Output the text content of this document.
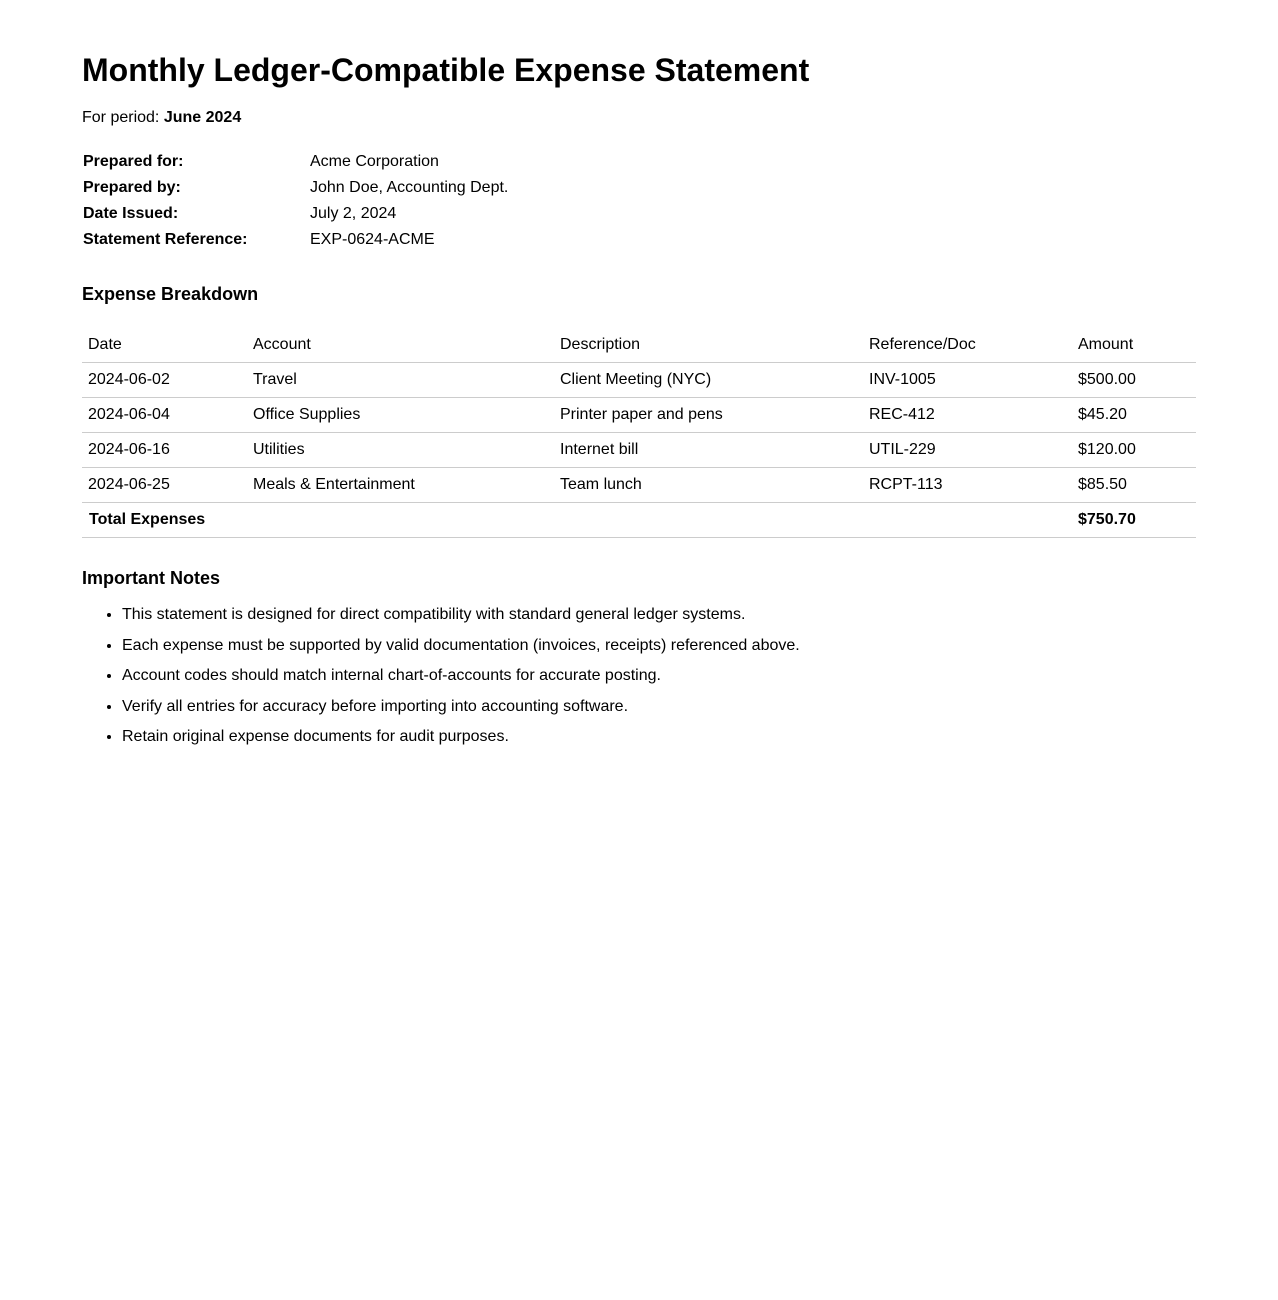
Monthly Ledger-Compatible Expense Statement
For period: June 2024
Prepared for:	Acme Corporation
Prepared by:	John Doe, Accounting Dept.
Date Issued:	July 2, 2024
Statement Reference:	EXP-0624-ACME
Expense Breakdown
Date	Account	Description	Reference/Doc	Amount
2024-06-02	Travel	Client Meeting (NYC)	INV-1005	$500.00
2024-06-04	Office Supplies	Printer paper and pens	REC-412	$45.20
2024-06-16	Utilities	Internet bill	UTIL-229	$120.00
2024-06-25	Meals & Entertainment	Team lunch	RCPT-113	$85.50
Total Expenses				$750.70
Important Notes
• This statement is designed for direct compatibility with standard general ledger systems.
• Each expense must be supported by valid documentation (invoices, receipts) referenced above.
• Account codes should match internal chart-of-accounts for accurate posting.
• Verify all entries for accuracy before importing into accounting software.
• Retain original expense documents for audit purposes.
